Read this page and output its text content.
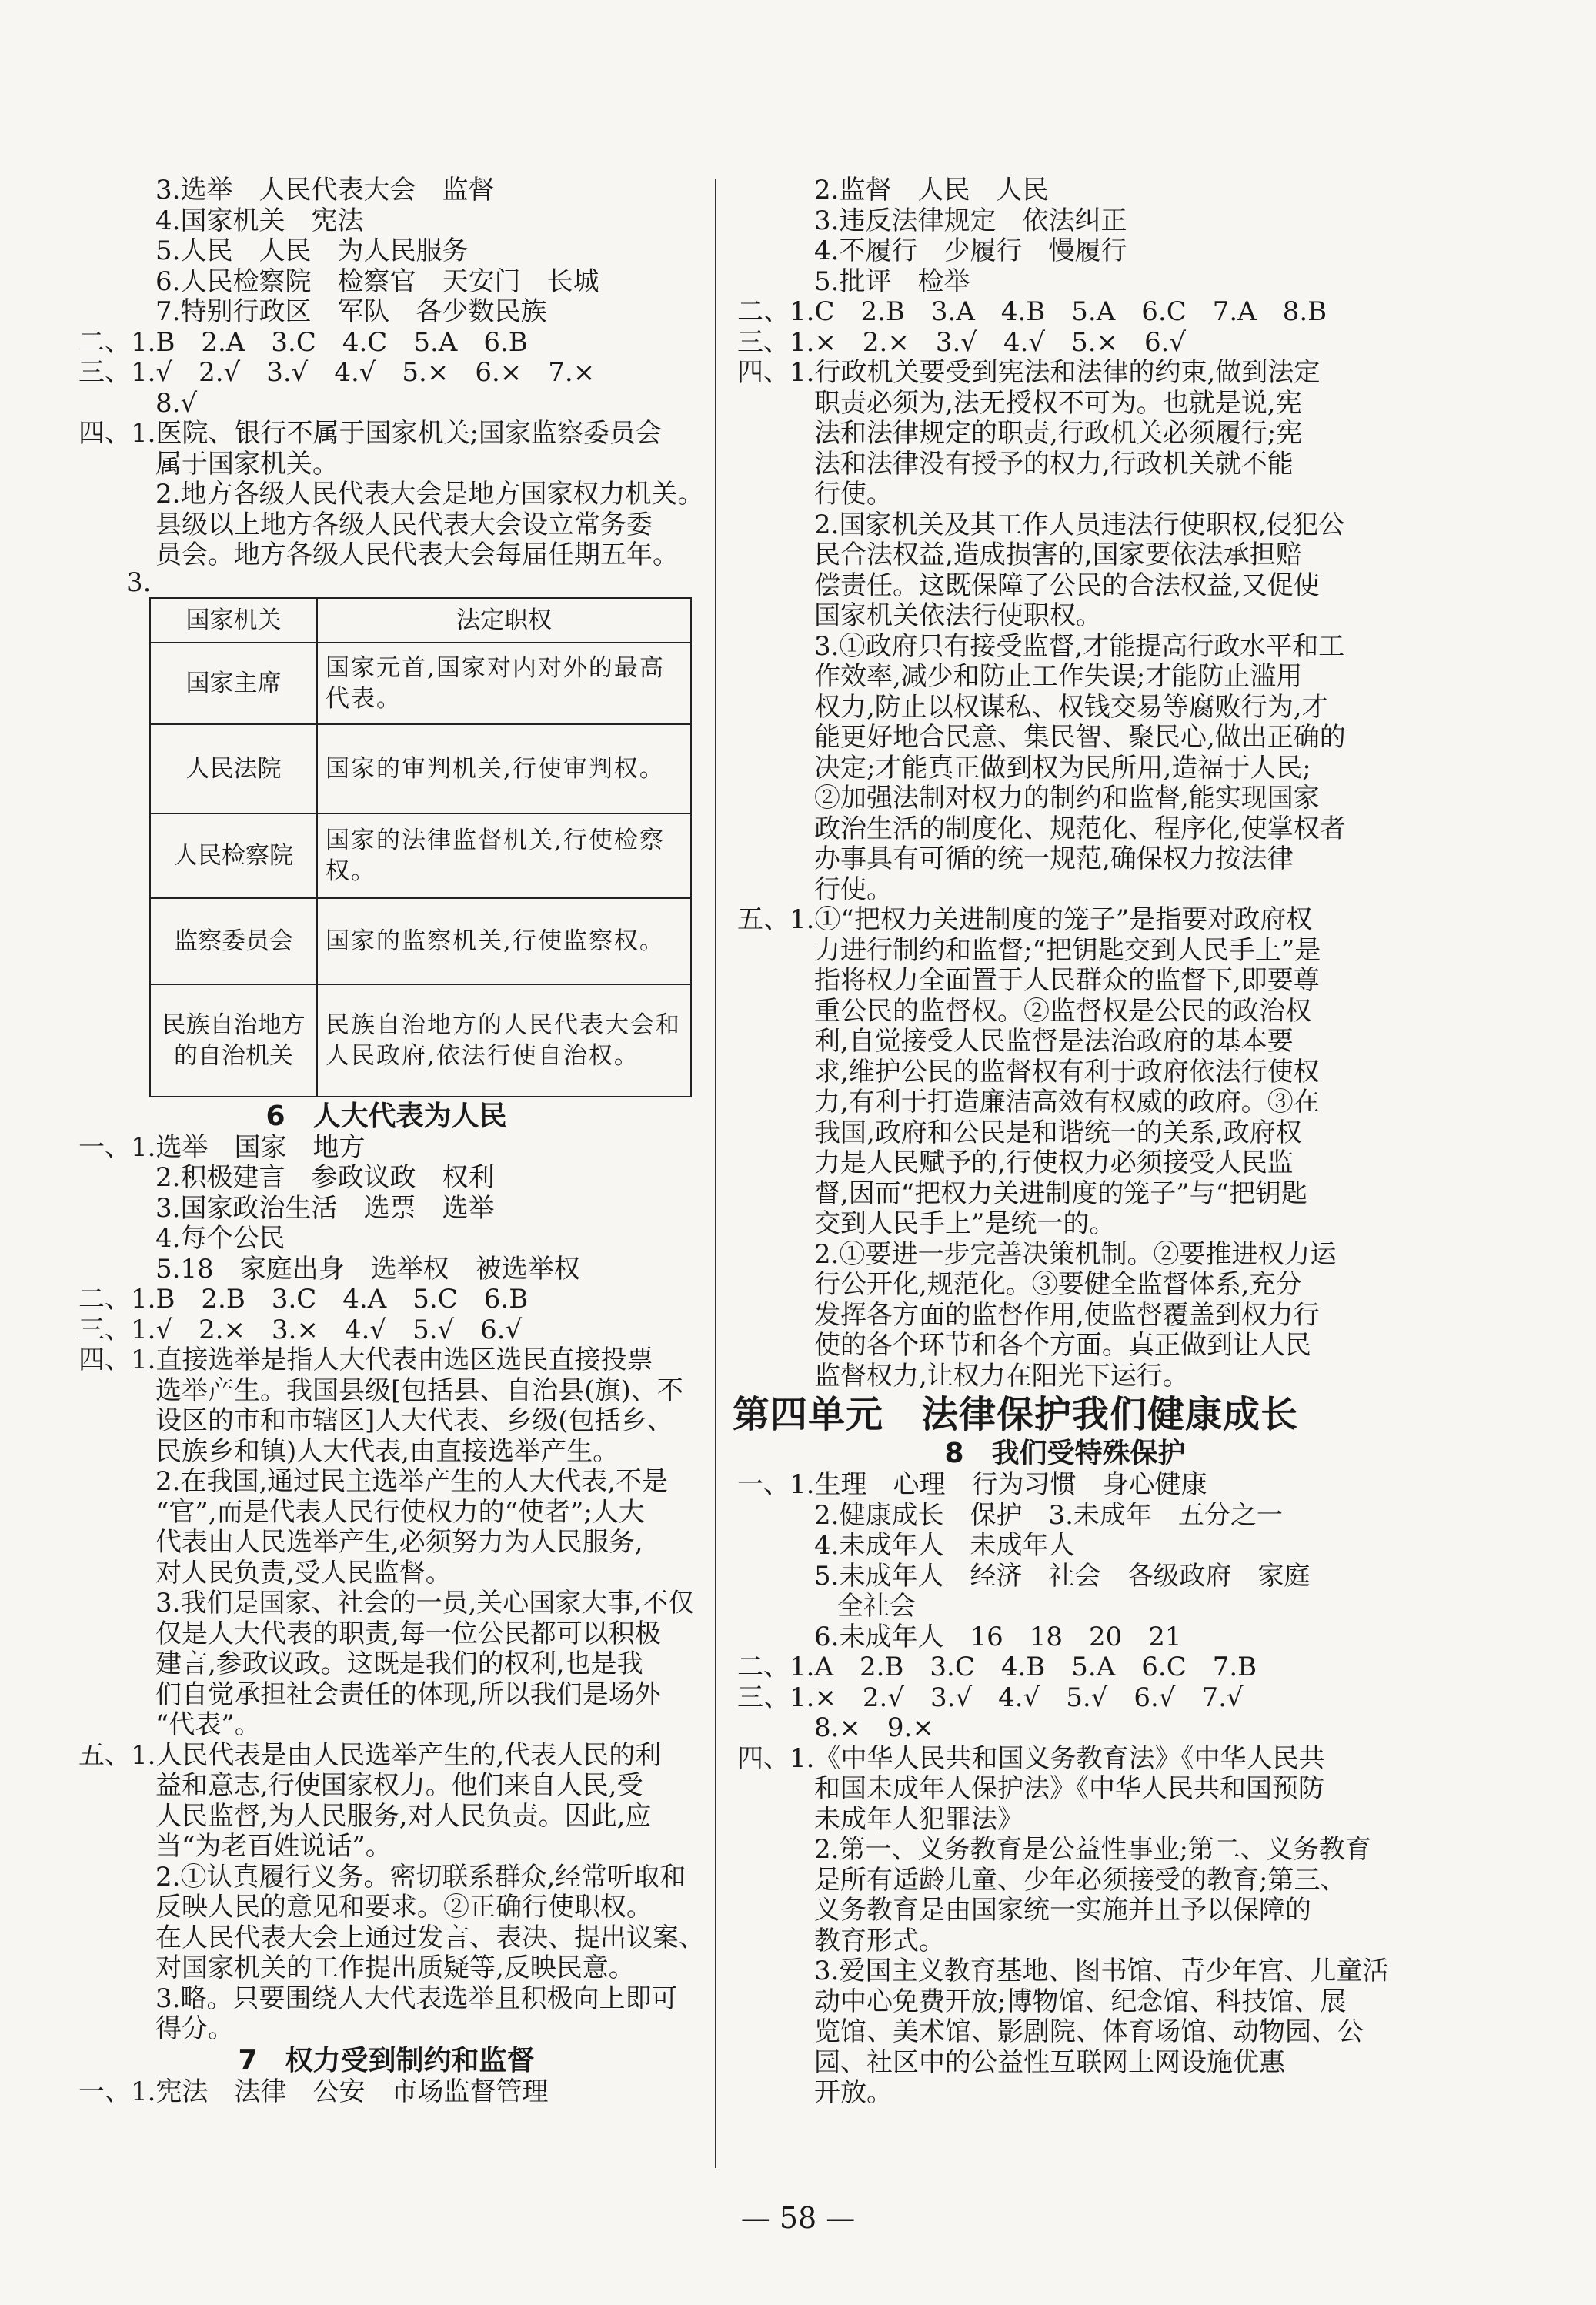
3.选举　人民代表大会　监督
4.国家机关　宪法
5.人民　人民　为人民服务
6.人民检察院　检察官　天安门　长城
7.特别行政区　军队　各少数民族
二、1.B　2.A　3.C　4.C　5.A　6.B
三、1.√　2.√　3.√　4.√　5.×　6.×　7.×
8.√
四、1.医院、银行不属于国家机关;国家监察委员会
属于国家机关。
2.地方各级人民代表大会是地方国家权力机关。
县级以上地方各级人民代表大会设立常务委
员会。地方各级人民代表大会每届任期五年。
3.
国家机关	法定职权
国家主席	国家元首,国家对内对外的最高代表。
人民法院	国家的审判机关,行使审判权。
人民检察院	国家的法律监督机关,行使检察权。
监察委员会	国家的监察机关,行使监察权。
民族自治地方的自治机关	民族自治地方的人民代表大会和人民政府,依法行使自治权。
6　人大代表为人民
一、1.选举　国家　地方
2.积极建言　参政议政　权利
3.国家政治生活　选票　选举
4.每个公民
5.18　家庭出身　选举权　被选举权
二、1.B　2.B　3.C　4.A　5.C　6.B
三、1.√　2.×　3.×　4.√　5.√　6.√
四、1.直接选举是指人大代表由选区选民直接投票
选举产生。我国县级[包括县、自治县(旗)、不
设区的市和市辖区]人大代表、乡级(包括乡、
民族乡和镇)人大代表,由直接选举产生。
2.在我国,通过民主选举产生的人大代表,不是
“官”,而是代表人民行使权力的“使者”;人大
代表由人民选举产生,必须努力为人民服务,
对人民负责,受人民监督。
3.我们是国家、社会的一员,关心国家大事,不仅
仅是人大代表的职责,每一位公民都可以积极
建言,参政议政。这既是我们的权利,也是我
们自觉承担社会责任的体现,所以我们是场外
“代表”。
五、1.人民代表是由人民选举产生的,代表人民的利
益和意志,行使国家权力。他们来自人民,受
人民监督,为人民服务,对人民负责。因此,应
当“为老百姓说话”。
2.①认真履行义务。密切联系群众,经常听取和
反映人民的意见和要求。②正确行使职权。
在人民代表大会上通过发言、表决、提出议案、
对国家机关的工作提出质疑等,反映民意。
3.略。只要围绕人大代表选举且积极向上即可
得分。
7　权力受到制约和监督
一、1.宪法　法律　公安　市场监督管理
2.监督　人民　人民
3.违反法律规定　依法纠正
4.不履行　少履行　慢履行
5.批评　检举
二、1.C　2.B　3.A　4.B　5.A　6.C　7.A　8.B
三、1.×　2.×　3.√　4.√　5.×　6.√
四、1.行政机关要受到宪法和法律的约束,做到法定
职责必须为,法无授权不可为。也就是说,宪
法和法律规定的职责,行政机关必须履行;宪
法和法律没有授予的权力,行政机关就不能
行使。
2.国家机关及其工作人员违法行使职权,侵犯公
民合法权益,造成损害的,国家要依法承担赔
偿责任。这既保障了公民的合法权益,又促使
国家机关依法行使职权。
3.①政府只有接受监督,才能提高行政水平和工
作效率,减少和防止工作失误;才能防止滥用
权力,防止以权谋私、权钱交易等腐败行为,才
能更好地合民意、集民智、聚民心,做出正确的
决定;才能真正做到权为民所用,造福于人民;
②加强法制对权力的制约和监督,能实现国家
政治生活的制度化、规范化、程序化,使掌权者
办事具有可循的统一规范,确保权力按法律
行使。
五、1.①“把权力关进制度的笼子”是指要对政府权
力进行制约和监督;“把钥匙交到人民手上”是
指将权力全面置于人民群众的监督下,即要尊
重公民的监督权。②监督权是公民的政治权
利,自觉接受人民监督是法治政府的基本要
求,维护公民的监督权有利于政府依法行使权
力,有利于打造廉洁高效有权威的政府。③在
我国,政府和公民是和谐统一的关系,政府权
力是人民赋予的,行使权力必须接受人民监
督,因而“把权力关进制度的笼子”与“把钥匙
交到人民手上”是统一的。
2.①要进一步完善决策机制。②要推进权力运
行公开化,规范化。③要健全监督体系,充分
发挥各方面的监督作用,使监督覆盖到权力行
使的各个环节和各个方面。真正做到让人民
监督权力,让权力在阳光下运行。
第四单元　法律保护我们健康成长
8　我们受特殊保护
一、1.生理　心理　行为习惯　身心健康
2.健康成长　保护　3.未成年　五分之一
4.未成年人　未成年人
5.未成年人　经济　社会　各级政府　家庭
全社会
6.未成年人　16　18　20　21
二、1.A　2.B　3.C　4.B　5.A　6.C　7.B
三、1.×　2.√　3.√　4.√　5.√　6.√　7.√
8.×　9.×
四、1.《中华人民共和国义务教育法》《中华人民共
和国未成年人保护法》《中华人民共和国预防
未成年人犯罪法》
2.第一、义务教育是公益性事业;第二、义务教育
是所有适龄儿童、少年必须接受的教育;第三、
义务教育是由国家统一实施并且予以保障的
教育形式。
3.爱国主义教育基地、图书馆、青少年宫、儿童活
动中心免费开放;博物馆、纪念馆、科技馆、展
览馆、美术馆、影剧院、体育场馆、动物园、公
园、社区中的公益性互联网上网设施优惠
开放。
— 58 —
